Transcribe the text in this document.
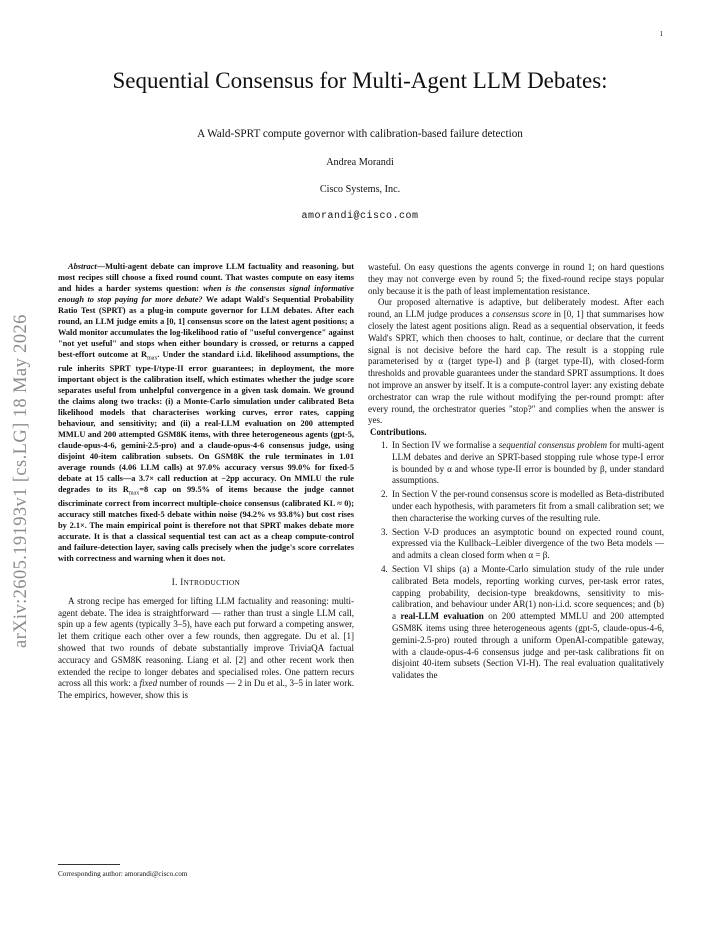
1
arXiv:2605.19193v1 [cs.LG] 18 May 2026
Sequential Consensus for Multi-Agent LLM Debates:
A Wald-SPRT compute governor with calibration-based failure detection
Andrea Morandi
Cisco Systems, Inc.
amorandi@cisco.com

Abstract—Multi-agent debate can improve LLM factuality and reasoning, but most recipes still choose a fixed round count. That wastes compute on easy items and hides a harder systems question: when is the consensus signal informative enough to stop paying for more debate? We adapt Wald's Sequential Probability Ratio Test (SPRT) as a plug-in compute governor for LLM debates. After each round, an LLM judge emits a [0, 1] consensus score on the latest agent positions; a Wald monitor accumulates the log-likelihood ratio of "useful convergence" against "not yet useful" and stops when either boundary is crossed, or returns a capped best-effort outcome at $R_{max}$. Under the standard i.i.d. likelihood assumptions, the rule inherits SPRT type-I/type-II error guarantees; in deployment, the more important object is the calibration itself, which estimates whether the judge score separates useful from unhelpful convergence in a given task domain. We ground the claims along two tracks: (i) a Monte-Carlo simulation under calibrated Beta likelihood models that characterises working curves, error rates, capping behaviour, and sensitivity; and (ii) a real-LLM evaluation on 200 attempted MMLU and 200 attempted GSM8K items, with three heterogeneous agents (gpt-5, claude-opus-4-6, gemini-2.5-pro) and a claude-opus-4-6 consensus judge, using disjoint 40-item calibration subsets. On GSM8K the rule terminates in 1.01 average rounds (4.06 LLM calls) at 97.0% accuracy versus 99.0% for fixed-5 debate at 15 calls—a 3.7× call reduction at −2pp accuracy. On MMLU the rule degrades to its $R_{max}=8$ cap on 99.5% of items because the judge cannot discriminate correct from incorrect multiple-choice consensus (calibrated KL ≈ 0); accuracy still matches fixed-5 debate within noise (94.2% vs 93.8%) but cost rises by 2.1×. The main empirical point is therefore not that SPRT makes debate more accurate. It is that a classical sequential test can act as a cheap compute-control and failure-detection layer, saving calls precisely when the judge's score correlates with correctness and warning when it does not.

I. INTRODUCTION

A strong recipe has emerged for lifting LLM factuality and reasoning: multi-agent debate. The idea is straightforward — rather than trust a single LLM call, spin up a few agents (typically 3–5), have each put forward a competing answer, let them critique each other over a few rounds, then aggregate. Du et al. [1] showed that two rounds of debate substantially improve TriviaQA factual accuracy and GSM8K reasoning. Liang et al. [2] and other recent work then extended the recipe to longer debates and specialised roles. One pattern recurs across all this work: a fixed number of rounds — 2 in Du et al., 3–5 in later work. The empirics, however, show this is

wasteful. On easy questions the agents converge in round 1; on hard questions they may not converge even by round 5; the fixed-round recipe stays popular only because it is the path of least implementation resistance.

Our proposed alternative is adaptive, but deliberately modest. After each round, an LLM judge produces a consensus score in [0, 1] that summarises how closely the latest agent positions align. Read as a sequential observation, it feeds Wald's SPRT, which then chooses to halt, continue, or declare that the current signal is not decisive before the hard cap. The result is a stopping rule parameterised by α (target type-I) and β (target type-II), with closed-form thresholds and provable guarantees under the standard SPRT assumptions. It does not improve an answer by itself. It is a compute-control layer: any existing debate orchestrator can wrap the rule without modifying the per-round prompt: after every round, the orchestrator queries "stop?" and complies when the answer is yes.

Contributions.

1. In Section IV we formalise a sequential consensus problem for multi-agent LLM debates and derive an SPRT-based stopping rule whose type-I error is bounded by α and whose type-II error is bounded by β, under standard assumptions.
2. In Section V the per-round consensus score is modelled as Beta-distributed under each hypothesis, with parameters fit from a small calibration set; we then characterise the working curves of the resulting rule.
3. Section V-D produces an asymptotic bound on expected round count, expressed via the Kullback–Leibler divergence of the two Beta models — and admits a clean closed form when α = β.
4. Section VI ships (a) a Monte-Carlo simulation study of the rule under calibrated Beta models, reporting working curves, per-task error rates, capping probability, decision-type breakdowns, sensitivity to mis-calibration, and behaviour under AR(1) non-i.i.d. score sequences; and (b) a real-LLM evaluation on 200 attempted MMLU and 200 attempted GSM8K items using three heterogeneous agents (gpt-5, claude-opus-4-6, gemini-2.5-pro) routed through a uniform OpenAI-compatible gateway, with a claude-opus-4-6 consensus judge and per-task calibrations fit on disjoint 40-item subsets (Section VI-H). The real evaluation qualitatively validates the
Corresponding author: amorandi@cisco.com
